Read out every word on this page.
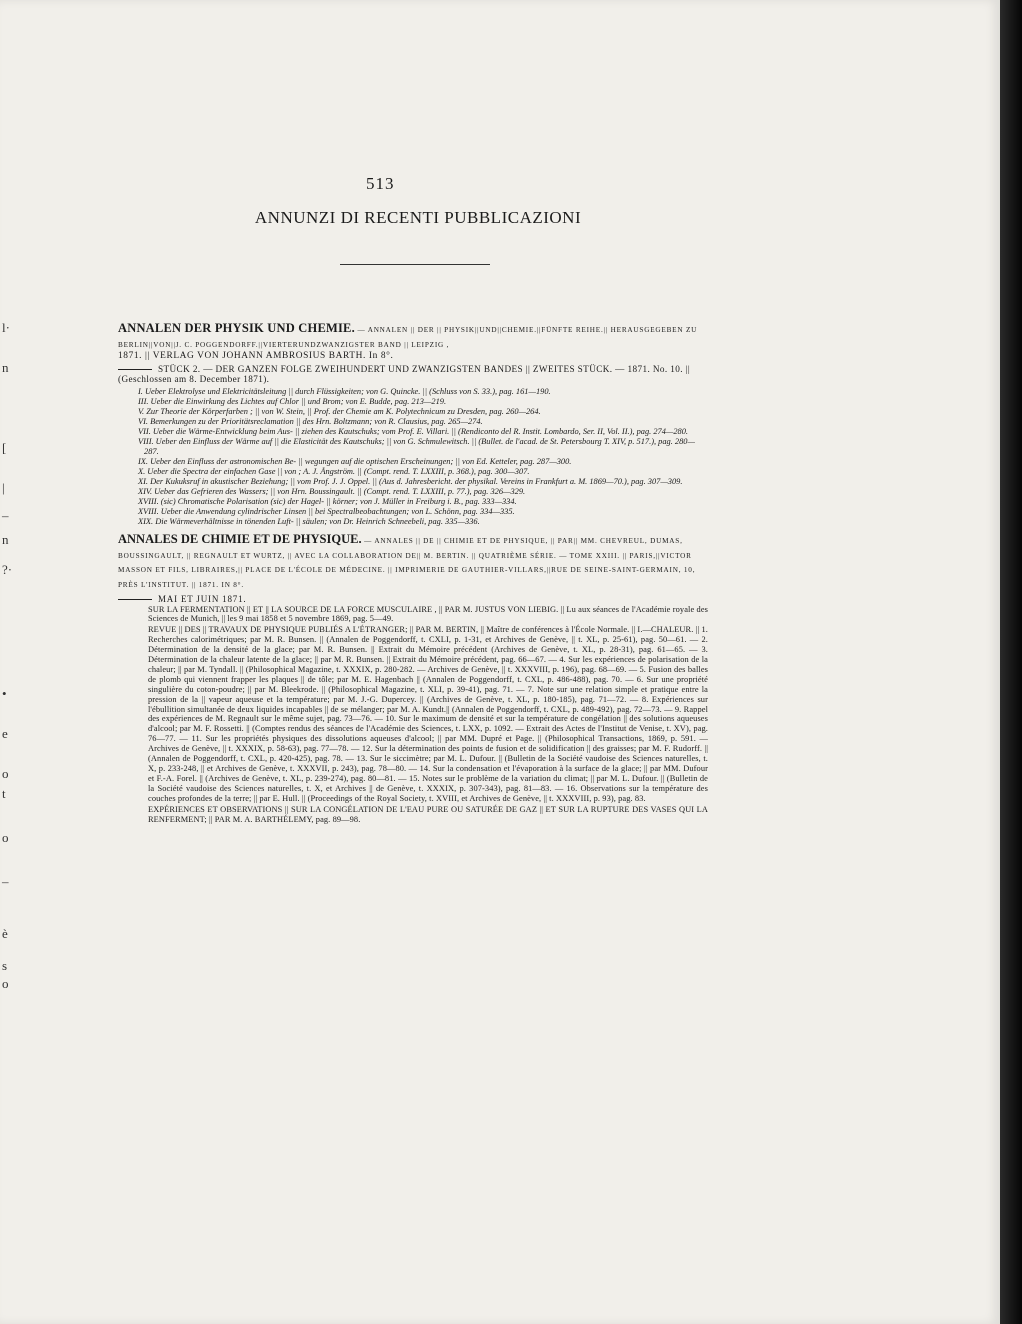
l·
n
[
|
–
n
?·
•
e
o
t
o
–
è
s
o
513
ANNUNZI DI RECENTI PUBBLICAZIONI

ANNALEN DER PHYSIK UND CHEMIE. — ANNALEN || DER || PHYSIK||UND||CHEMIE.||FÜNFTE REIHE.|| HERAUSGEGEBEN ZU BERLIN||VON||J. C. POGGENDORFF.||VIERTERUNDZWANZIGSTER BAND || LEIPZIG ,

1871. || VERLAG VON JOHANN AMBROSIUS BARTH. In 8°.

STÜCK 2. — DER GANZEN FOLGE ZWEIHUNDERT UND ZWANZIGSTEN BANDES || ZWEITES STÜCK. — 1871. No. 10. || (Geschlossen am 8. December 1871).

I. Ueber Elektrolyse und Elektricitätsleitung || durch Flüssigkeiten; von G. Quincke. || (Schluss von S. 33.), pag. 161—190.
III. Ueber die Einwirkung des Lichtes auf Chlor || und Brom; von E. Budde, pag. 213—219.
V. Zur Theorie der Körperfarben ; || von W. Stein, || Prof. der Chemie am K. Polytechnicum zu Dresden, pag. 260—264.
VI. Bemerkungen zu der Prioritätsreclamation || des Hrn. Boltzmann; von R. Clausius, pag. 265—274.
VII. Ueber die Wärme-Entwicklung beim Aus- || ziehen des Kautschuks; vom Prof. E. Villari. || (Rendiconto del R. Instit. Lombardo, Ser. II, Vol. II.), pag. 274—280.
VIII. Ueber den Einfluss der Wärme auf || die Elasticität des Kautschuks; || von G. Schmulewitsch. || (Bullet. de l'acad. de St. Petersbourg T. XIV, p. 517.), pag. 280—287.
IX. Ueber den Einfluss der astronomischen Be- || wegungen auf die optischen Erscheinungen; || von Ed. Ketteler, pag. 287—300.
X. Ueber die Spectra der einfachen Gase || von ; A. J. Ångström. || (Compt. rend. T. LXXIII, p. 368.), pag. 300—307.
XI. Der Kukuksruf in akustischer Beziehung; || vom Prof. J. J. Oppel. || (Aus d. Jahresbericht. der physikal. Vereins in Frankfurt a. M. 1869—70.), pag. 307—309.
XIV. Ueber das Gefrieren des Wassers; || von Hrn. Boussingault. || (Compt. rend. T. LXXIII, p. 77.), pag. 326—329.
XVIII. (sic) Chromatische Polarisation (sic) der Hagel- || körner; von J. Müller in Freiburg i. B., pag. 333—334.
XVIII. Ueber die Anwendung cylindrischer Linsen || bei Spectralbeobachtungen; von L. Schönn, pag. 334—335.
XIX. Die Wärmeverhältnisse in tönenden Luft- || säulen; von Dr. Heinrich Schneebeli, pag. 335—336.

ANNALES DE CHIMIE ET DE PHYSIQUE. — ANNALES || DE || CHIMIE ET DE PHYSIQUE, || PAR|| MM. CHEVREUL, DUMAS, BOUSSINGAULT, || REGNAULT ET WURTZ, || AVEC LA COLLABORATION DE|| M. BERTIN. || QUATRIÈME SÉRIE. — TOME XXIII. || PARIS,||VICTOR MASSON ET FILS, LIBRAIRES,|| PLACE DE L'ÉCOLE DE MÉDECINE. || IMPRIMERIE DE GAUTHIER-VILLARS,||RUE DE SEINE-SAINT-GERMAIN, 10, PRÈS L'INSTITUT. || 1871. IN 8°.

MAI ET JUIN 1871.

SUR LA FERMENTATION || ET || LA SOURCE DE LA FORCE MUSCULAIRE , || PAR M. JUSTUS VON LIEBIG. || Lu aux séances de l'Académie royale des Sciences de Munich, || les 9 mai 1858 et 5 novembre 1869, pag. 5—49.

REVUE || DES || TRAVAUX DE PHYSIQUE PUBLIÉS A L'ÉTRANGER; || PAR M. BERTIN, || Maître de conférences à l'École Normale. || I.—CHALEUR. || 1. Recherches calorimétriques; par M. R. Bunsen. || (Annalen de Poggendorff, t. CXLI, p. 1-31, et Archives de Genève, || t. XL, p. 25-61), pag. 50—61. — 2. Détermination de la densité de la glace; par M. R. Bunsen. || Extrait du Mémoire précédent (Archives de Genève, t. XL, p. 28-31), pag. 61—65. — 3. Détermination de la chaleur latente de la glace; || par M. R. Bunsen. || Extrait du Mémoire précédent, pag. 66—67. — 4. Sur les expériences de polarisation de la chaleur; || par M. Tyndall. || (Philosophical Magazine, t. XXXIX, p. 280-282. — Archives de Genève, || t. XXXVIII, p. 196), pag. 68—69. — 5. Fusion des balles de plomb qui viennent frapper les plaques || de tôle; par M. E. Hagenbach || (Annalen de Poggendorff, t. CXL, p. 486-488), pag. 70. — 6. Sur une propriété singulière du coton-poudre; || par M. Bleekrode. || (Philosophical Magazine, t. XLI, p. 39-41), pag. 71. — 7. Note sur une relation simple et pratique entre la pression de la || vapeur aqueuse et la température; par M. J.-G. Dupercey. || (Archives de Genève, t. XL, p. 180-185), pag. 71—72. — 8. Expériences sur l'ébullition simultanée de deux liquides incapables || de se mélanger; par M. A. Kundt.|| (Annalen de Poggendorff, t. CXL, p. 489-492), pag. 72—73. — 9. Rappel des expériences de M. Regnault sur le même sujet, pag. 73—76. — 10. Sur le maximum de densité et sur la température de congélation || des solutions aqueuses d'alcool; par M. F. Rossetti. || (Comptes rendus des séances de l'Académie des Sciences, t. LXX, p. 1092. — Extrait des Actes de l'Institut de Venise, t. XV), pag. 76—77. — 11. Sur les propriétés physiques des dissolutions aqueuses d'alcool; || par MM. Dupré et Page. || (Philosophical Transactions, 1869, p. 591. — Archives de Genève, || t. XXXIX, p. 58-63), pag. 77—78. — 12. Sur la détermination des points de fusion et de solidification || des graisses; par M. F. Rudorff. || (Annalen de Poggendorff, t. CXL, p. 420-425), pag. 78. — 13. Sur le siccimètre; par M. L. Dufour. || (Bulletin de la Société vaudoise des Sciences naturelles, t. X, p. 233-248, || et Archives de Genève, t. XXXVII, p. 243), pag. 78—80. — 14. Sur la condensation et l'évaporation à la surface de la glace; || par MM. Dufour et F.-A. Forel. || (Archives de Genève, t. XL, p. 239-274), pag. 80—81. — 15. Notes sur le problème de la variation du climat; || par M. L. Dufour. || (Bulletin de la Société vaudoise des Sciences naturelles, t. X, et Archives || de Genève, t. XXXIX, p. 307-343), pag. 81—83. — 16. Observations sur la température des couches profondes de la terre; || par E. Hull. || (Proceedings of the Royal Society, t. XVIII, et Archives de Genève, || t. XXXVIII, p. 93), pag. 83.

EXPÉRIENCES ET OBSERVATIONS || SUR LA CONGÉLATION DE L'EAU PURE OU SATURÉE DE GAZ || ET SUR LA RUPTURE DES VASES QUI LA RENFERMENT; || PAR M. A. BARTHÉLEMY, pag. 89—98.
